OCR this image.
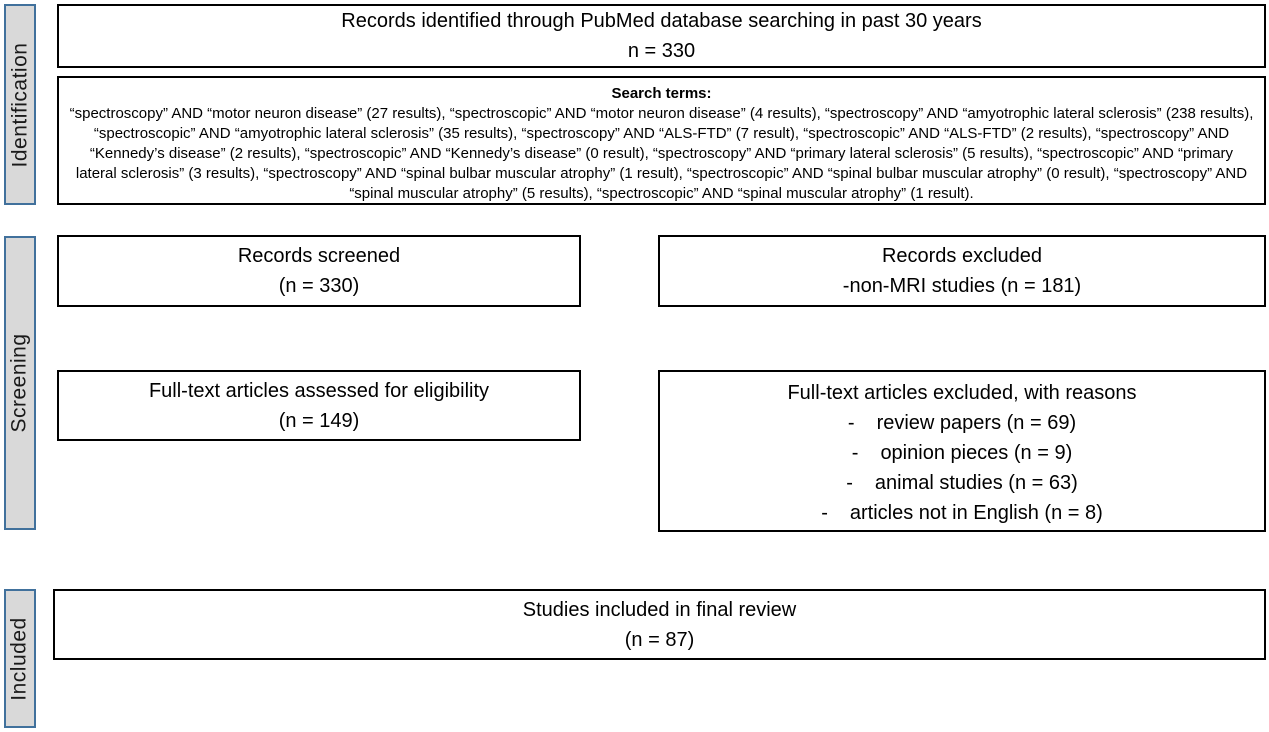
Identification
Screening
Included
Records identified through PubMed database searching in past 30 years
n = 330
Search terms:
“spectroscopy” AND “motor neuron disease” (27 results), “spectroscopic” AND “motor neuron disease” (4 results), “spectroscopy” AND “amyotrophic lateral sclerosis” (238 results), “spectroscopic” AND “amyotrophic lateral sclerosis” (35 results), “spectroscopy” AND “ALS-FTD” (7 result), “spectroscopic” AND “ALS-FTD” (2 results), “spectroscopy” AND “Kennedy’s disease” (2 results), “spectroscopic” AND “Kennedy’s disease” (0 result), “spectroscopy” AND “primary lateral sclerosis” (5 results), “spectroscopic” AND “primary lateral sclerosis” (3 results), “spectroscopy” AND “spinal bulbar muscular atrophy” (1 result), “spectroscopic” AND “spinal bulbar muscular atrophy” (0 result), “spectroscopy” AND “spinal muscular atrophy” (5 results), “spectroscopic” AND “spinal muscular atrophy” (1 result).
Records screened
(n = 330)
Records excluded
-non-MRI studies (n = 181)
Full-text articles assessed for eligibility
(n = 149)
Full-text articles excluded, with reasons
- review papers (n = 69)
- opinion pieces (n = 9)
- animal studies (n = 63)
- articles not in English (n = 8)
Studies included in final review
(n = 87)
